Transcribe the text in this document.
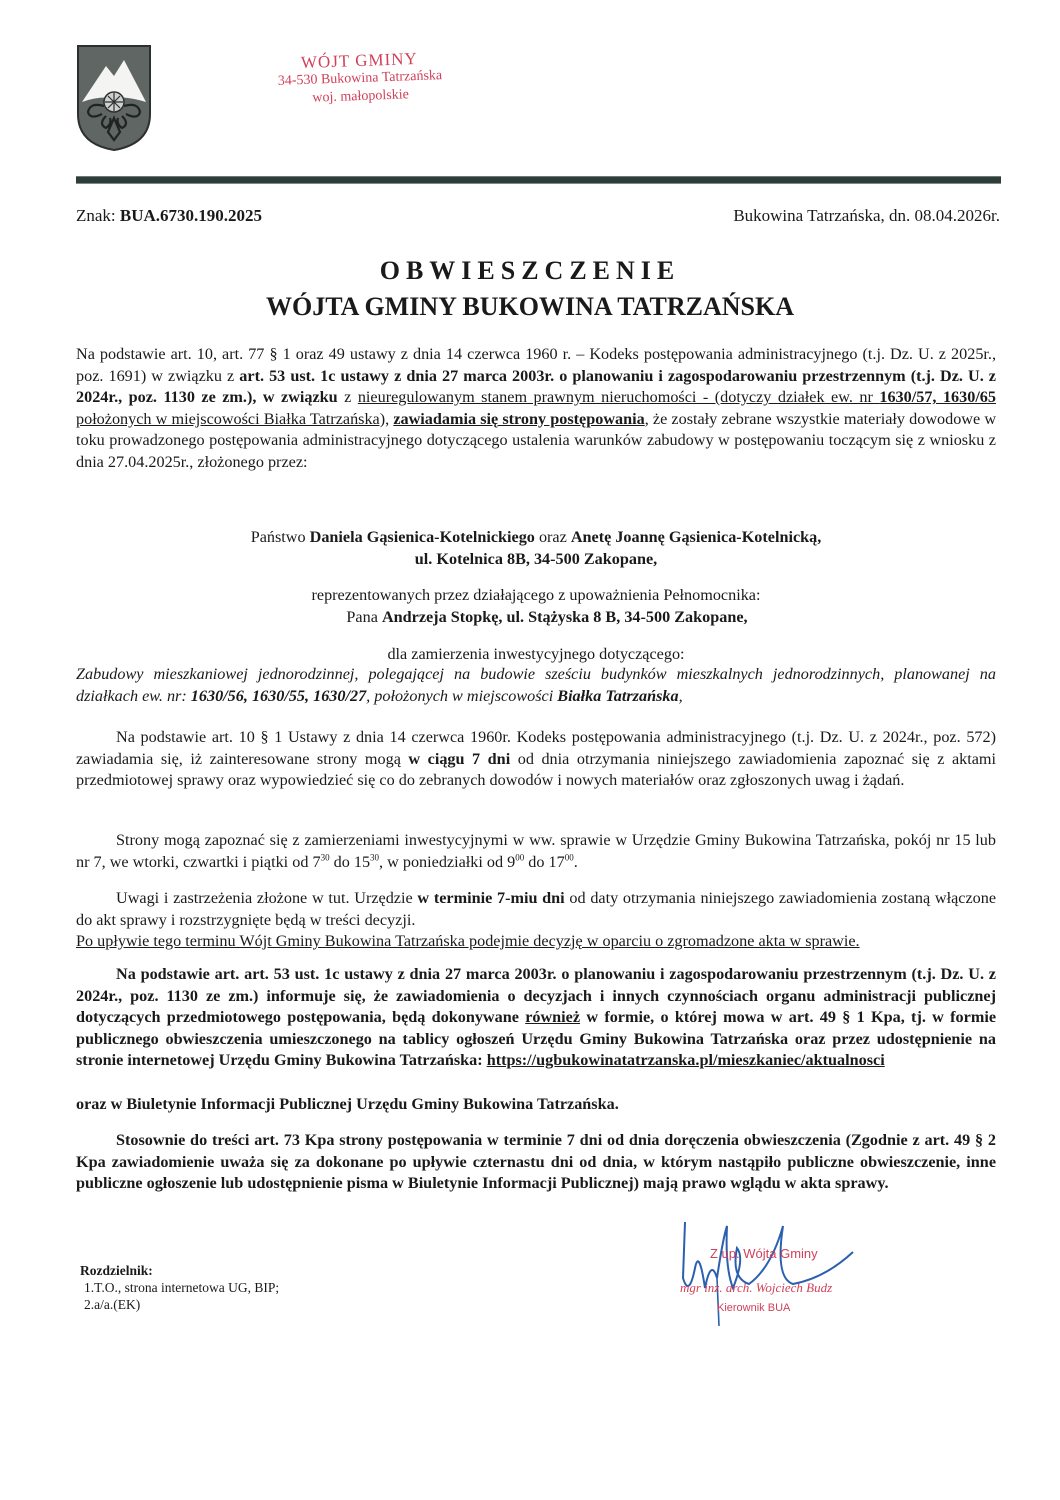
WÓJT GMINY
34-530 Bukowina Tatrzańska
woj. małopolskie
Znak: BUA.6730.190.2025	Bukowina Tatrzańska, dn. 08.04.2026r.
OBWIESZCZENIE
WÓJTA GMINY BUKOWINA TATRZAŃSKA
Na podstawie art. 10, art. 77 § 1 oraz 49 ustawy z dnia 14 czerwca 1960 r. – Kodeks postępowania administracyjnego (t.j. Dz. U. z 2025r., poz. 1691) w związku z art. 53 ust. 1c ustawy z dnia 27 marca 2003r. o planowaniu i zagospodarowaniu przestrzennym (t.j. Dz. U. z 2024r., poz. 1130 ze zm.), w związku z nieuregulowanym stanem prawnym nieruchomości - (dotyczy działek ew. nr 1630/57, 1630/65 położonych w miejscowości Białka Tatrzańska), zawiadamia się strony postępowania, że zostały zebrane wszystkie materiały dowodowe w toku prowadzonego postępowania administracyjnego dotyczącego ustalenia warunków zabudowy w postępowaniu toczącym się z wniosku z dnia 27.04.2025r., złożonego przez:
Państwo Daniela Gąsienica-Kotelnickiego oraz Anetę Joannę Gąsienica-Kotelnicką,
ul. Kotelnica 8B, 34-500 Zakopane,
reprezentowanych przez działającego z upoważnienia Pełnomocnika:
Pana Andrzeja Stopkę, ul. Stążyska 8 B, 34-500 Zakopane,
dla zamierzenia inwestycyjnego dotyczącego:
Zabudowy mieszkaniowej jednorodzinnej, polegającej na budowie sześciu budynków mieszkalnych jednorodzinnych, planowanej na działkach ew. nr: 1630/56, 1630/55, 1630/27, położonych w miejscowości Białka Tatrzańska,
Na podstawie art. 10 § 1 Ustawy z dnia 14 czerwca 1960r. Kodeks postępowania administracyjnego (t.j. Dz. U. z 2024r., poz. 572) zawiadamia się, iż zainteresowane strony mogą w ciągu 7 dni od dnia otrzymania niniejszego zawiadomienia zapoznać się z aktami przedmiotowej sprawy oraz wypowiedzieć się co do zebranych dowodów i nowych materiałów oraz zgłoszonych uwag i żądań.
Strony mogą zapoznać się z zamierzeniami inwestycyjnymi w ww. sprawie w Urzędzie Gminy Bukowina Tatrzańska, pokój nr 15 lub nr 7, we wtorki, czwartki i piątki od $7^{30}$ do $15^{30}$, w poniedziałki od $9^{00}$ do $17^{00}$.
Uwagi i zastrzeżenia złożone w tut. Urzędzie w terminie 7-miu dni od daty otrzymania niniejszego zawiadomienia zostaną włączone do akt sprawy i rozstrzygnięte będą w treści decyzji.
Po upływie tego terminu Wójt Gminy Bukowina Tatrzańska podejmie decyzję w oparciu o zgromadzone akta w sprawie.
Na podstawie art. art. 53 ust. 1c ustawy z dnia 27 marca 2003r. o planowaniu i zagospodarowaniu przestrzennym (t.j. Dz. U. z 2024r., poz. 1130 ze zm.) informuje się, że zawiadomienia o decyzjach i innych czynnościach organu administracji publicznej dotyczących przedmiotowego postępowania, będą dokonywane również w formie, o której mowa w art. 49 § 1 Kpa, tj. w formie publicznego obwieszczenia umieszczonego na tablicy ogłoszeń Urzędu Gminy Bukowina Tatrzańska oraz przez udostępnienie na stronie internetowej Urzędu Gminy Bukowina Tatrzańska: https://ugbukowinatatrzanska.pl/mieszkaniec/aktualnosci
oraz w Biuletynie Informacji Publicznej Urzędu Gminy Bukowina Tatrzańska.
Stosownie do treści art. 73 Kpa strony postępowania w terminie 7 dni od dnia doręczenia obwieszczenia (Zgodnie z art. 49 § 2 Kpa zawiadomienie uważa się za dokonane po upływie czternastu dni od dnia, w którym nastąpiło publiczne obwieszczenie, inne publiczne ogłoszenie lub udostępnienie pisma w Biuletynie Informacji Publicznej) mają prawo wglądu w akta sprawy.
Rozdzielnik:
1.T.O., strona internetowa UG, BIP;
2.a/a.(EK)
Z up. Wójta Gminy
mgr inż. arch. Wojciech Budz
Kierownik BUA
